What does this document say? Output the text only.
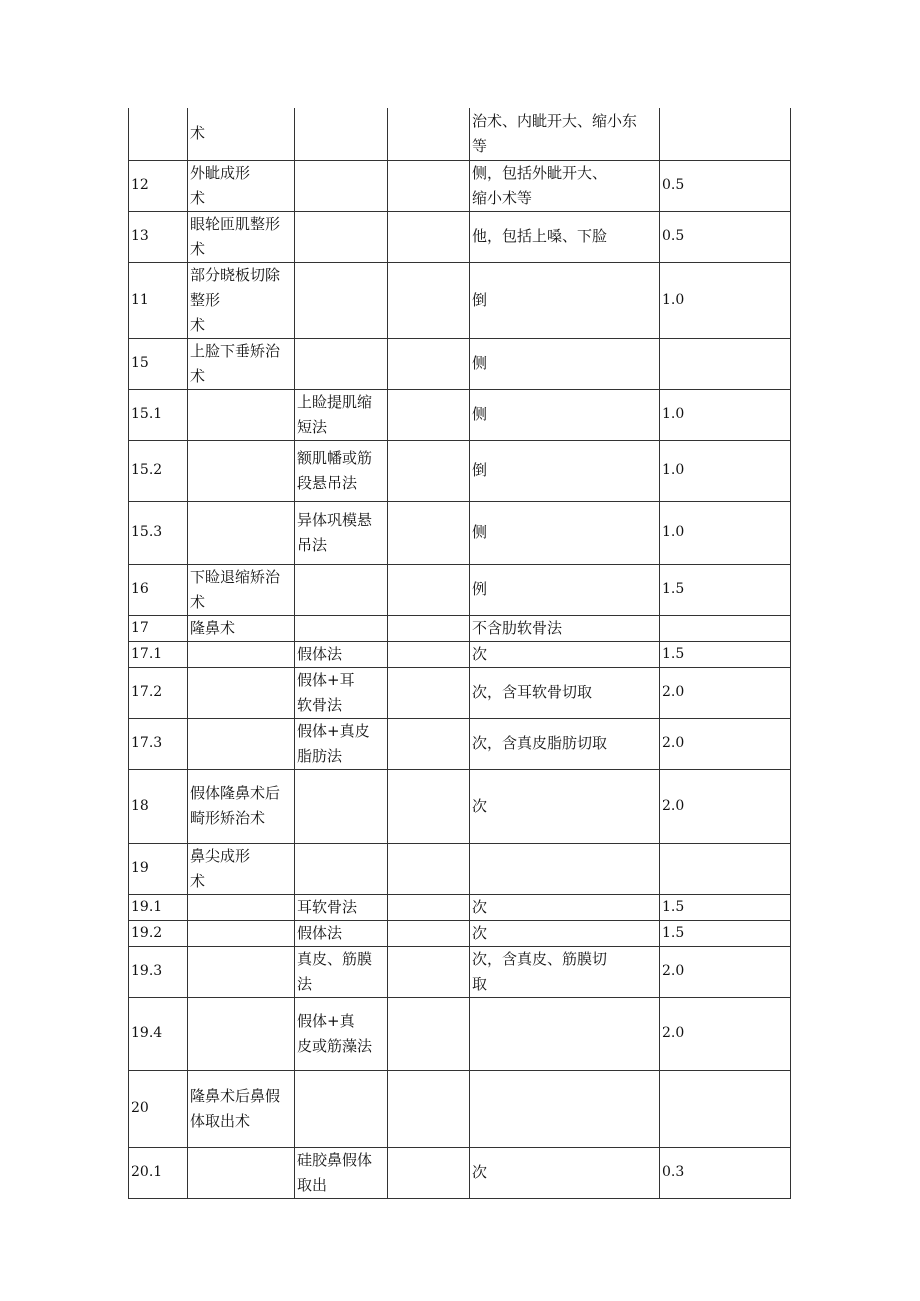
	术			治术、内眦开大、缩小东
等	

12	外眦成形
术			侧，包括外眦开大、
缩小术等	0.5

13	眼轮匝肌整形
术			他，包括上嗓、下脸	0.5

11	部分晓板切除
整形
术			倒	1.0

15	上脸下垂矫治
术			侧	

15.1		上睑提肌缩
短法		侧	1.0

15.2		额肌幡或筋
段悬吊法		倒	1.0

15.3		异体巩模悬
吊法		侧	1.0

16	下睑退缩矫治
术			例	1.5

17	隆鼻术			不含肋软骨法	

17.1		假体法		次	1.5

17.2		假体+耳
软骨法		次，含耳软骨切取	2.0

17.3		假体+真皮
脂肪法		次，含真皮脂肪切取	2.0

18	假体隆鼻术后
畸形矫治术			次	2.0

19	鼻尖成形
术				

19.1		耳软骨法		次	1.5

19.2		假体法		次	1.5

19.3		真皮、筋膜
法		次，含真皮、筋膜切
取	2.0

19.4		假体+真
皮或筋藻法			2.0

20	隆鼻术后鼻假
体取出术				

20.1		硅胶鼻假体
取出		次	0.3
